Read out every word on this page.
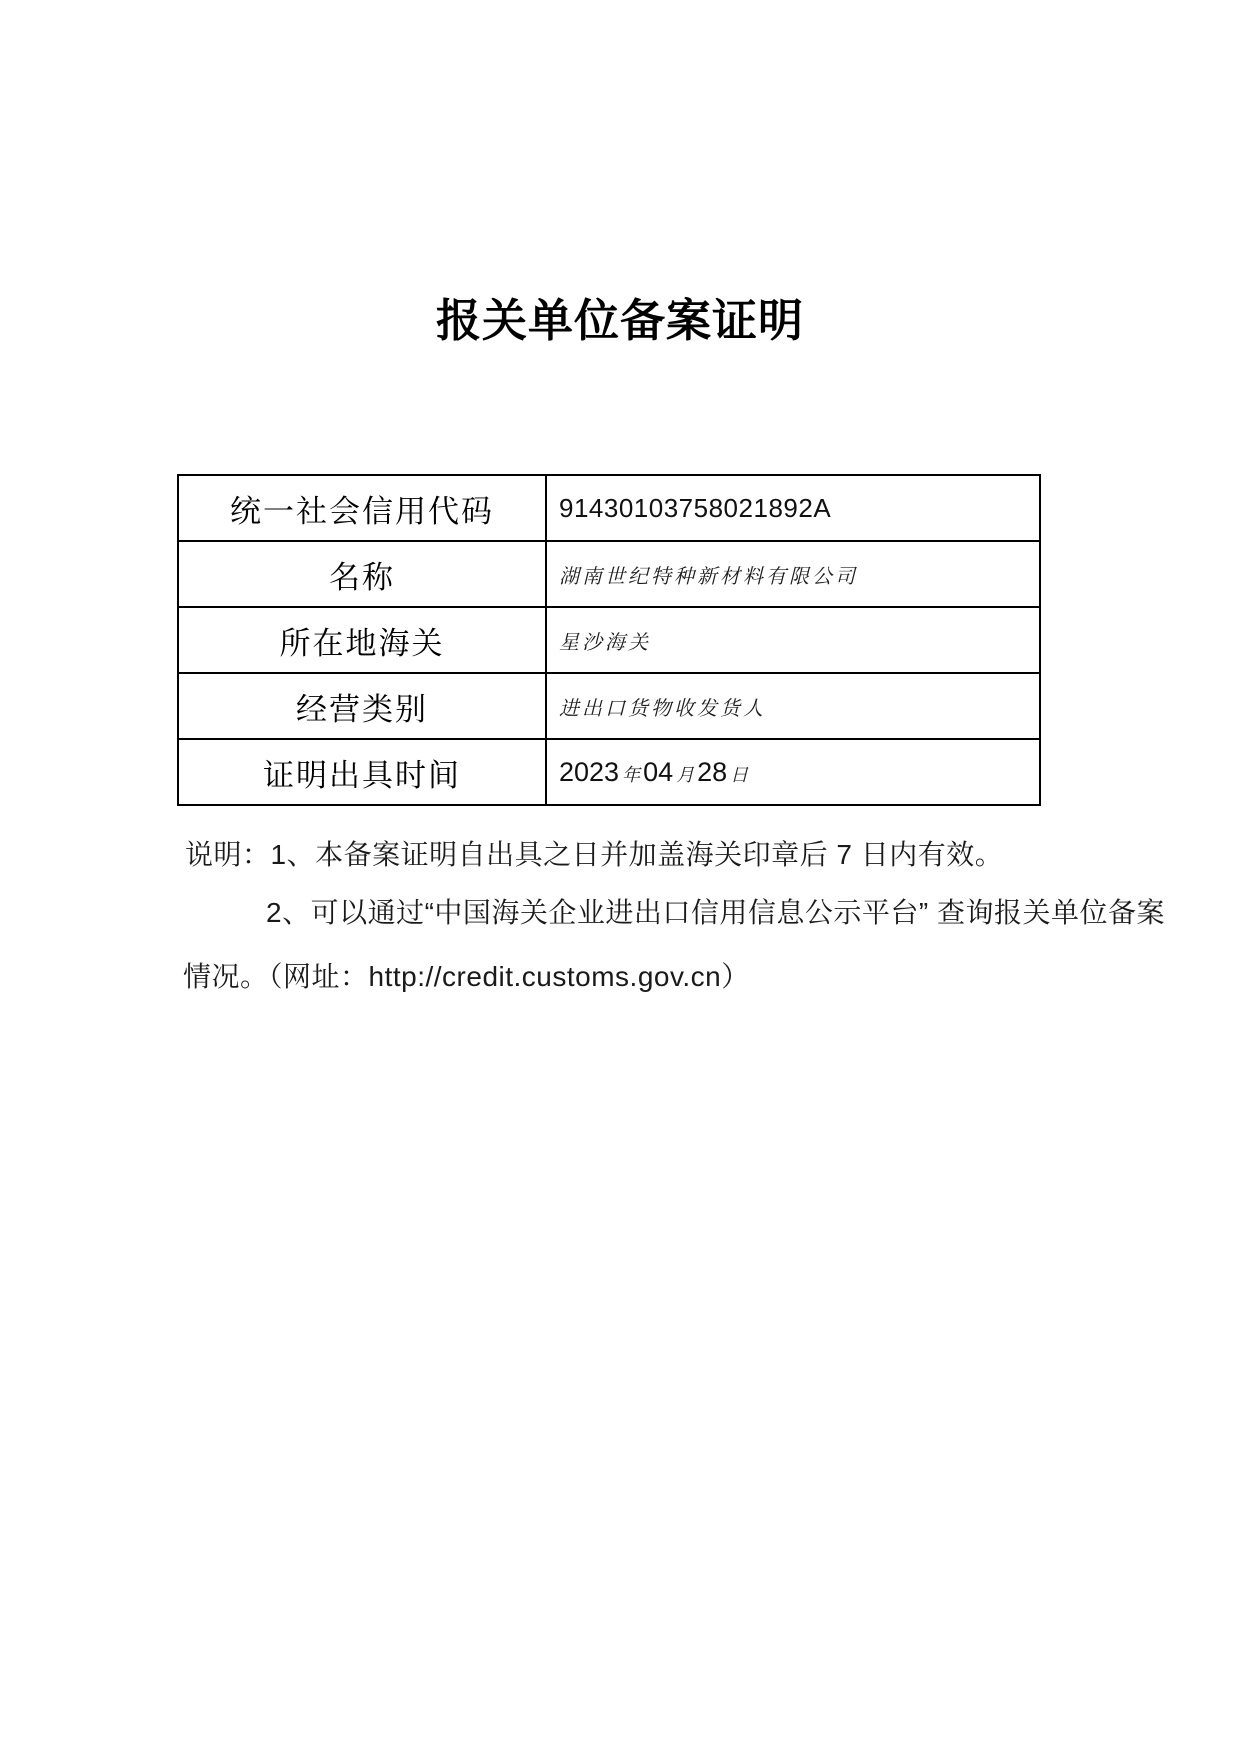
报关单位备案证明
统一社会信用代码	91430103758021892A
名称	湖南世纪特种新材料有限公司
所在地海关	星沙海关
经营类别	进出口货物收发货人
证明出具时间	2023 年 04 月 28 日
说明：1、本备案证明自出具之日并加盖海关印章后 7 日内有效。
2、可以通过“中国海关企业进出口信用信息公示平台” 查询报关单位备案
情况。（网址：http://credit.customs.gov.cn）
